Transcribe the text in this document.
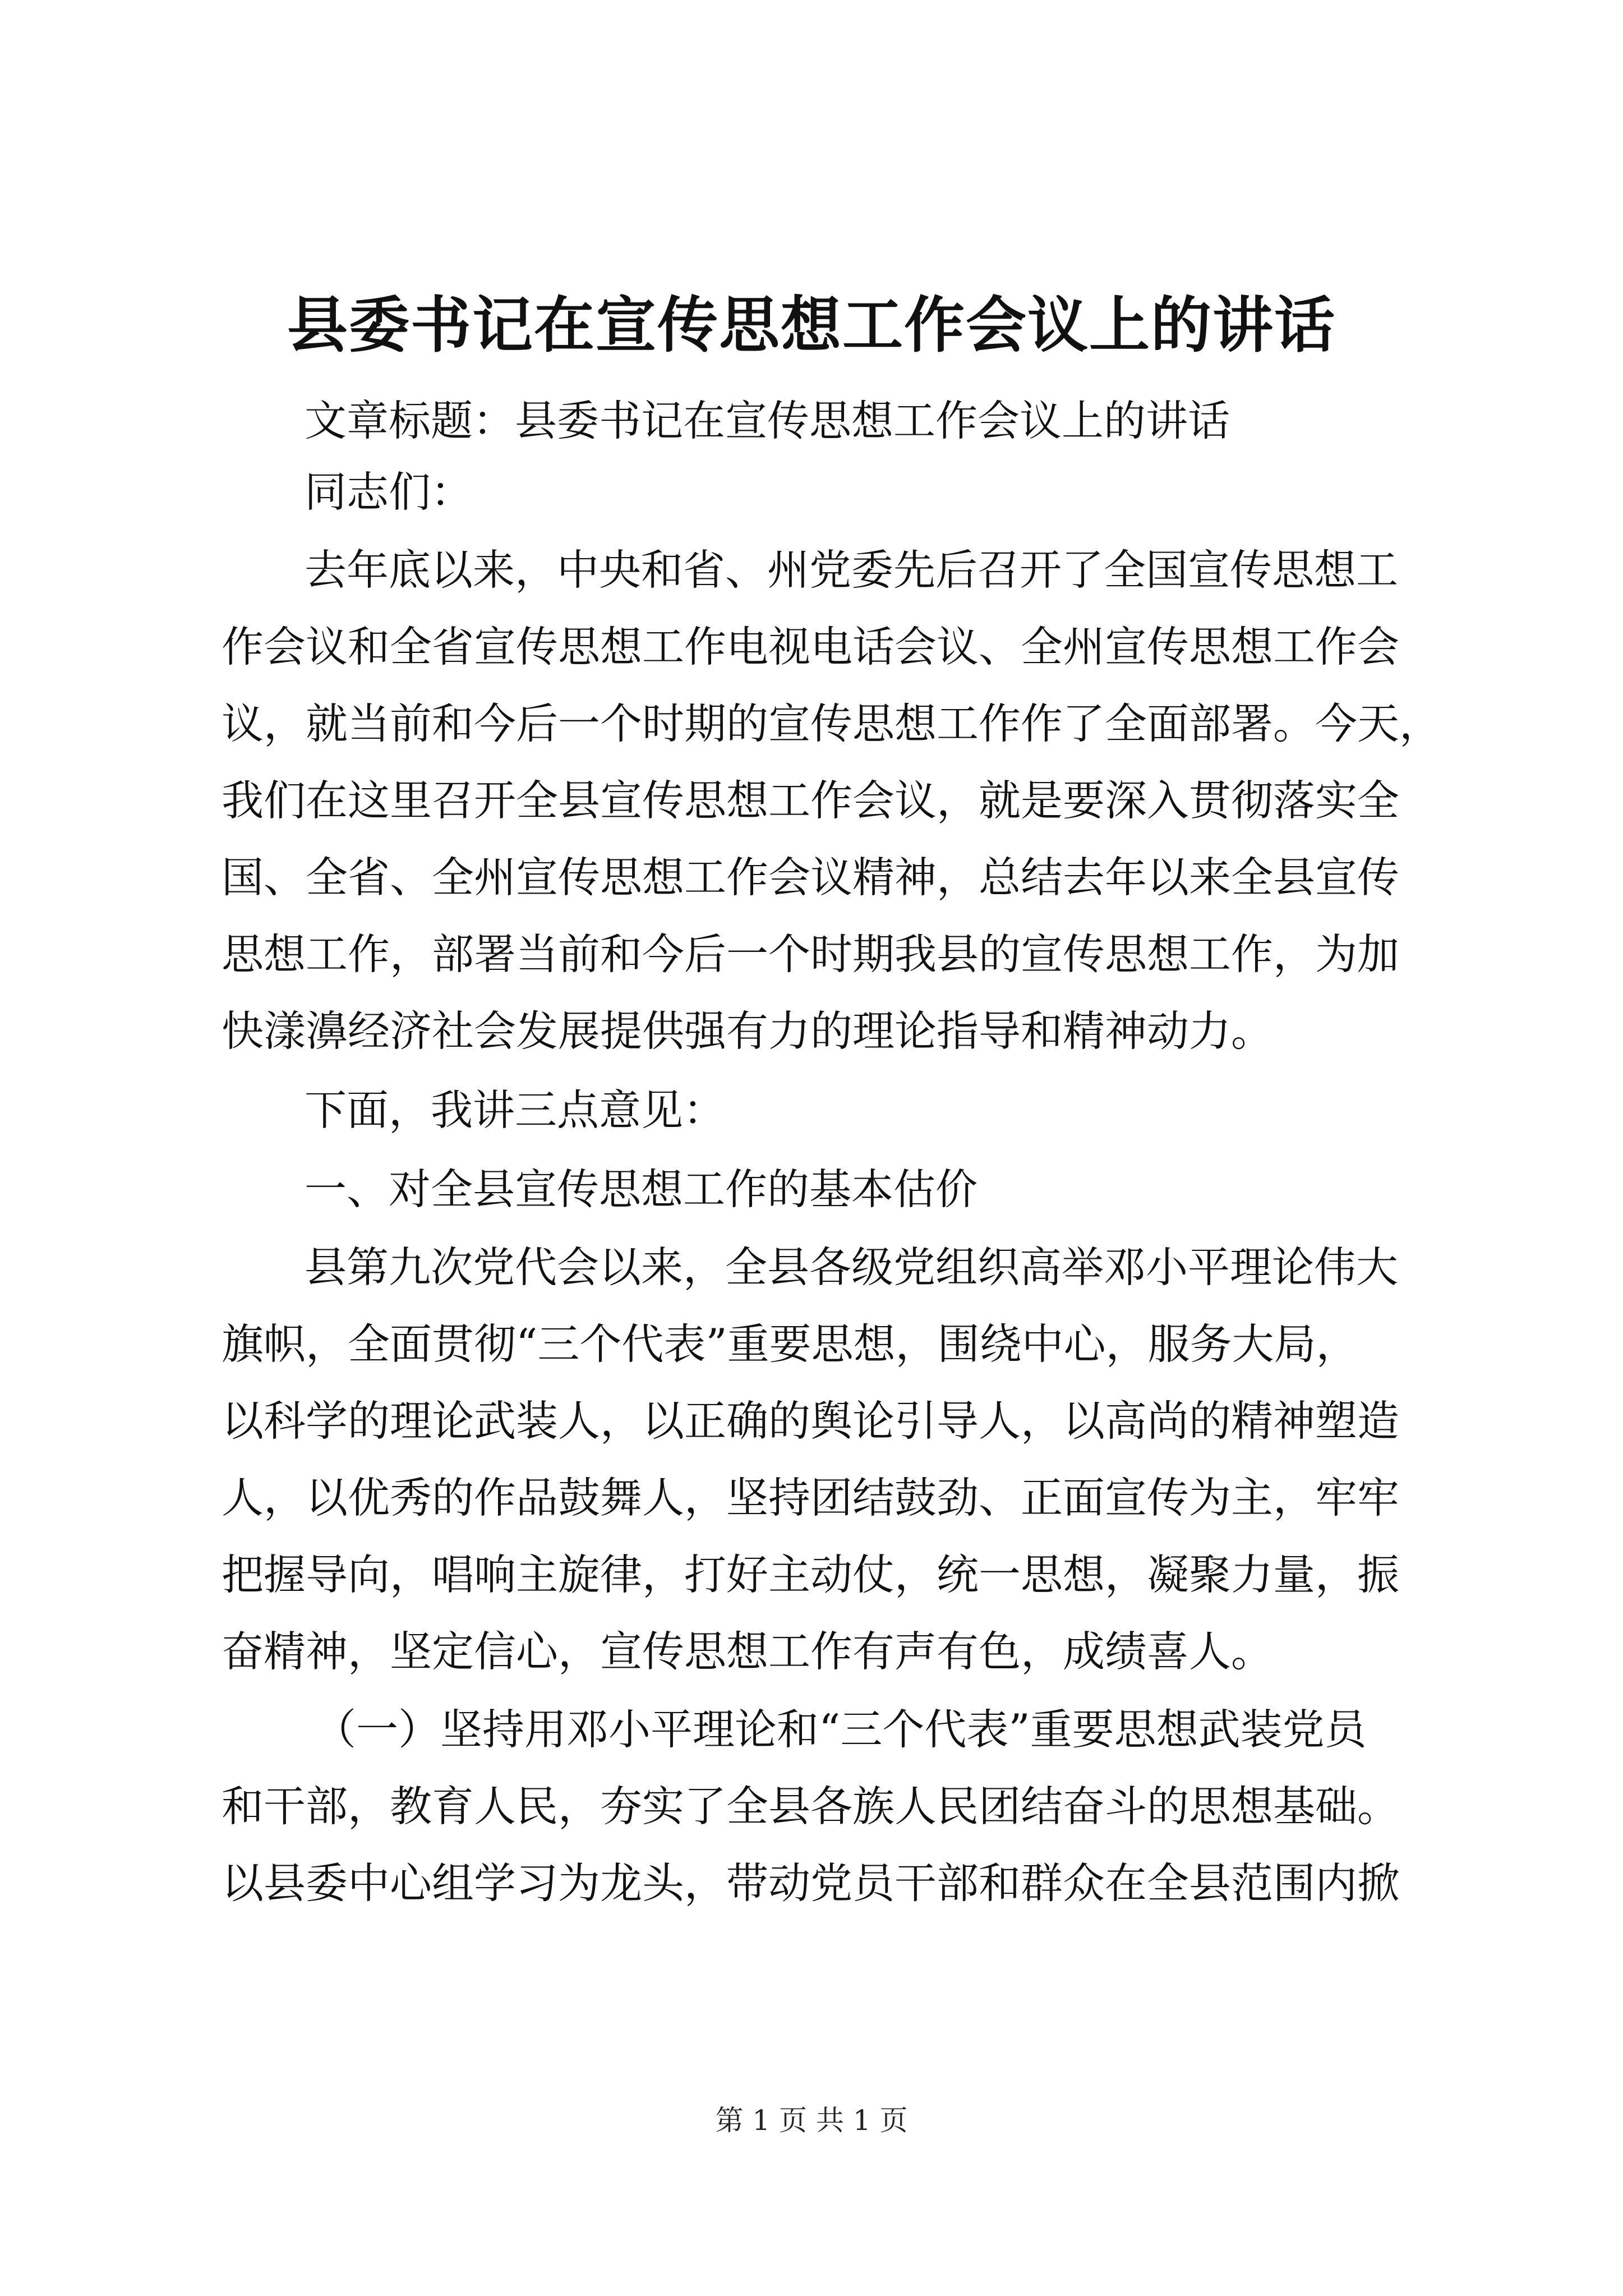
县委书记在宣传思想工作会议上的讲话

文章标题：县委书记在宣传思想工作会议上的讲话

同志们：

去年底以来，中央和省、州党委先后召开了全国宣传思想工

作会议和全省宣传思想工作电视电话会议、全州宣传思想工作会

议，就当前和今后一个时期的宣传思想工作作了全面部署。今天，

我们在这里召开全县宣传思想工作会议，就是要深入贯彻落实全

国、全省、全州宣传思想工作会议精神，总结去年以来全县宣传

思想工作，部署当前和今后一个时期我县的宣传思想工作，为加

快漾濞经济社会发展提供强有力的理论指导和精神动力。

下面，我讲三点意见：

一、对全县宣传思想工作的基本估价

县第九次党代会以来，全县各级党组织高举邓小平理论伟大

旗帜，全面贯彻“三个代表”重要思想，围绕中心，服务大局，

以科学的理论武装人，以正确的舆论引导人，以高尚的精神塑造

人，以优秀的作品鼓舞人，坚持团结鼓劲、正面宣传为主，牢牢

把握导向，唱响主旋律，打好主动仗，统一思想，凝聚力量，振

奋精神，坚定信心，宣传思想工作有声有色，成绩喜人。

（一）坚持用邓小平理论和“三个代表”重要思想武装党员

和干部，教育人民，夯实了全县各族人民团结奋斗的思想基础。

以县委中心组学习为龙头，带动党员干部和群众在全县范围内掀

第 1 页 共 1 页
